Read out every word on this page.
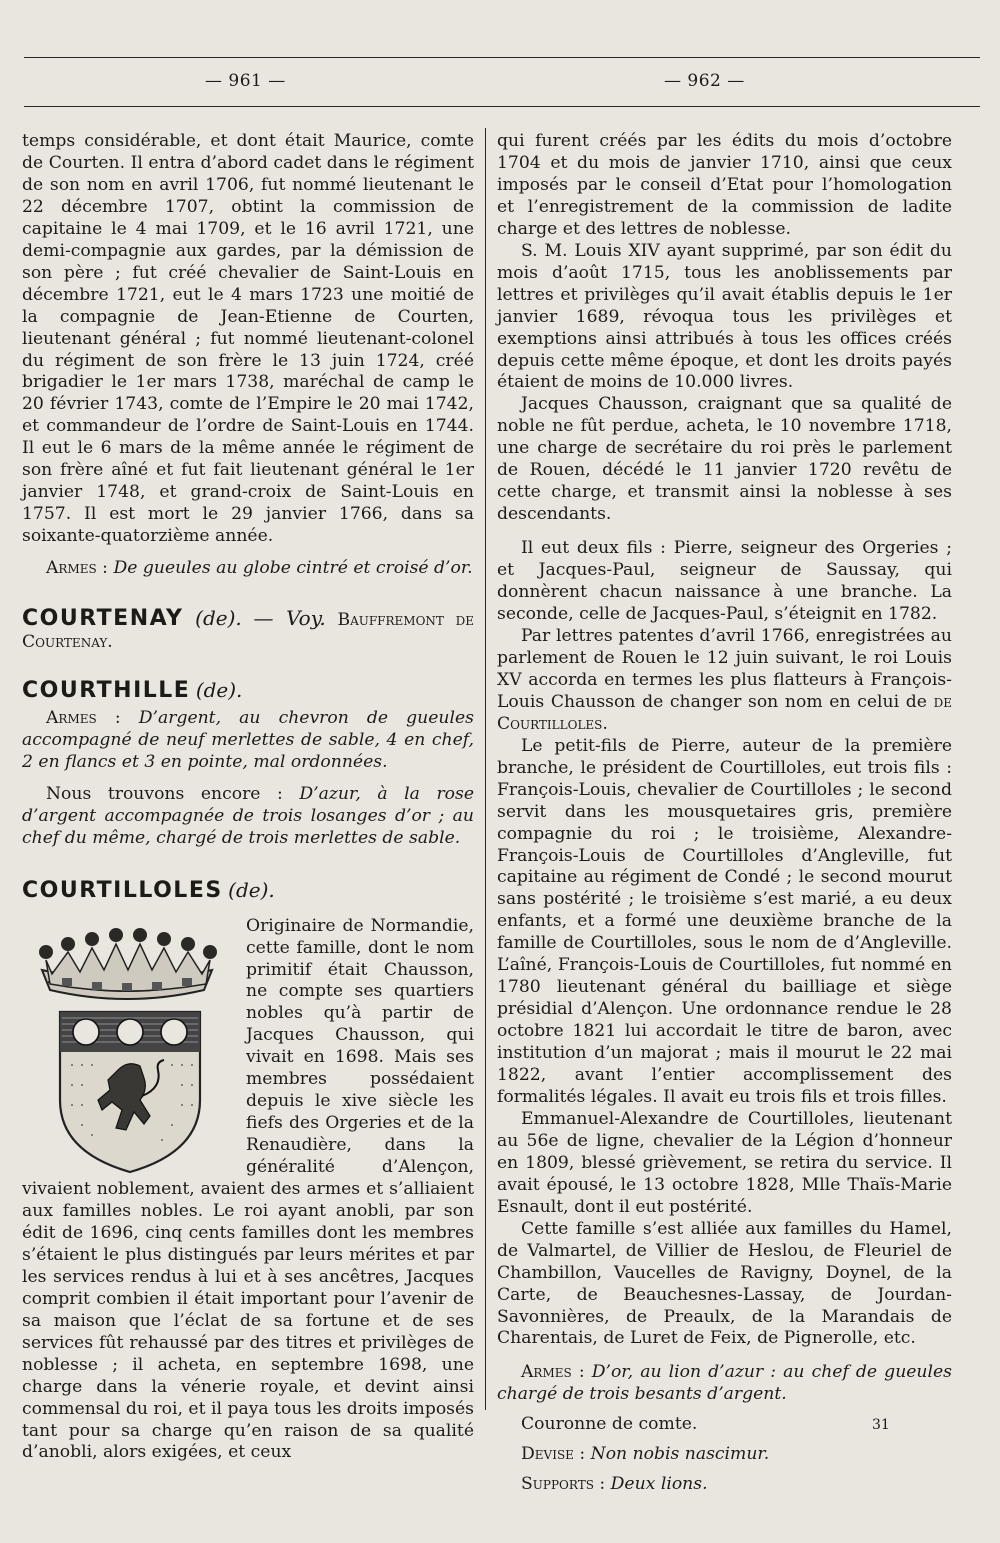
— 961 —	— 962 —

temps considérable, et dont était Maurice, comte de Courten. Il entra d’abord cadet dans le régiment de son nom en avril 1706, fut nommé lieutenant le 22 décembre 1707, obtint la commission de capitaine le 4 mai 1709, et le 16 avril 1721, une demi-compagnie aux gardes, par la démission de son père ; fut créé chevalier de Saint-Louis en décembre 1721, eut le 4 mars 1723 une moitié de la compagnie de Jean-Etienne de Courten, lieutenant général ; fut nommé lieutenant-colonel du régiment de son frère le 13 juin 1724, créé brigadier le 1er mars 1738, maréchal de camp le 20 février 1743, comte de l’Empire le 20 mai 1742, et commandeur de l’ordre de Saint-Louis en 1744. Il eut le 6 mars de la même année le régiment de son frère aîné et fut fait lieutenant général le 1er janvier 1748, et grand-croix de Saint-Louis en 1757. Il est mort le 29 janvier 1766, dans sa soixante-quatorzième année.

Armes : De gueules au globe cintré et croisé d’or.

COURTENAY (de). — Voy. Bauffremont de Courtenay.

COURTHILLE (de).

Armes : D’argent, au chevron de gueules accompagné de neuf merlettes de sable, 4 en chef, 2 en flancs et 3 en pointe, mal ordonnées.

Nous trouvons encore : D’azur, à la rose d’argent accompagnée de trois losanges d’or ; au chef du même, chargé de trois merlettes de sable.

COURTILLOLES (de).

Originaire de Normandie, cette famille, dont le nom primitif était Chausson, ne compte ses quartiers nobles qu’à partir de Jacques Chausson, qui vivait en 1698. Mais ses membres possédaient depuis le xive siècle les fiefs des Orgeries et de la Renaudière, dans la généralité d’Alençon, vivaient noblement, avaient des armes et s’alliaient aux familles nobles. Le roi ayant anobli, par son édit de 1696, cinq cents familles dont les membres s’étaient le plus distingués par leurs mérites et par les services rendus à lui et à ses ancêtres, Jacques comprit combien il était important pour l’avenir de sa maison que l’éclat de sa fortune et de ses services fût rehaussé par des titres et privilèges de noblesse ; il acheta, en septembre 1698, une charge dans la vénerie royale, et devint ainsi commensal du roi, et il paya tous les droits imposés tant pour sa charge qu’en raison de sa qualité d’anobli, alors exigées, et ceux

qui furent créés par les édits du mois d’octobre 1704 et du mois de janvier 1710, ainsi que ceux imposés par le conseil d’Etat pour l’homologation et l’enregistrement de la commission de ladite charge et des lettres de noblesse.

S. M. Louis XIV ayant supprimé, par son édit du mois d’août 1715, tous les anoblissements par lettres et privilèges qu’il avait établis depuis le 1er janvier 1689, révoqua tous les privilèges et exemptions ainsi attribués à tous les offices créés depuis cette même époque, et dont les droits payés étaient de moins de 10.000 livres.

Jacques Chausson, craignant que sa qualité de noble ne fût perdue, acheta, le 10 novembre 1718, une charge de secrétaire du roi près le parlement de Rouen, décédé le 11 janvier 1720 revêtu de cette charge, et transmit ainsi la noblesse à ses descendants.

Il eut deux fils : Pierre, seigneur des Orgeries ; et Jacques-Paul, seigneur de Saussay, qui donnèrent chacun naissance à une branche. La seconde, celle de Jacques-Paul, s’éteignit en 1782.

Par lettres patentes d’avril 1766, enregistrées au parlement de Rouen le 12 juin suivant, le roi Louis XV accorda en termes les plus flatteurs à François-Louis Chausson de changer son nom en celui de de Courtilloles.

Le petit-fils de Pierre, auteur de la première branche, le président de Courtilloles, eut trois fils : François-Louis, chevalier de Courtilloles ; le second servit dans les mousquetaires gris, première compagnie du roi ; le troisième, Alexandre-François-Louis de Courtilloles d’Angleville, fut capitaine au régiment de Condé ; le second mourut sans postérité ; le troisième s’est marié, a eu deux enfants, et a formé une deuxième branche de la famille de Courtilloles, sous le nom de d’Angleville. L’aîné, François-Louis de Courtilloles, fut nommé en 1780 lieutenant général du bailliage et siège présidial d’Alençon. Une ordonnance rendue le 28 octobre 1821 lui accordait le titre de baron, avec institution d’un majorat ; mais il mourut le 22 mai 1822, avant l’entier accomplissement des formalités légales. Il avait eu trois fils et trois filles.

Emmanuel-Alexandre de Courtilloles, lieutenant au 56e de ligne, chevalier de la Légion d’honneur en 1809, blessé grièvement, se retira du service. Il avait épousé, le 13 octobre 1828, Mlle Thaïs-Marie Esnault, dont il eut postérité.

Cette famille s’est alliée aux familles du Hamel, de Valmartel, de Villier de Heslou, de Fleuriel de Chambillon, Vaucelles de Ravigny, Doynel, de la Carte, de Beauchesnes-Lassay, de Jourdan-Savonnières, de Preaulx, de la Marandais de Charentais, de Luret de Feix, de Pignerolle, etc.

Armes : D’or, au lion d’azur : au chef de gueules chargé de trois besants d’argent.

Couronne de comte.

Devise : Non nobis nascimur.

Supports : Deux lions.

31
